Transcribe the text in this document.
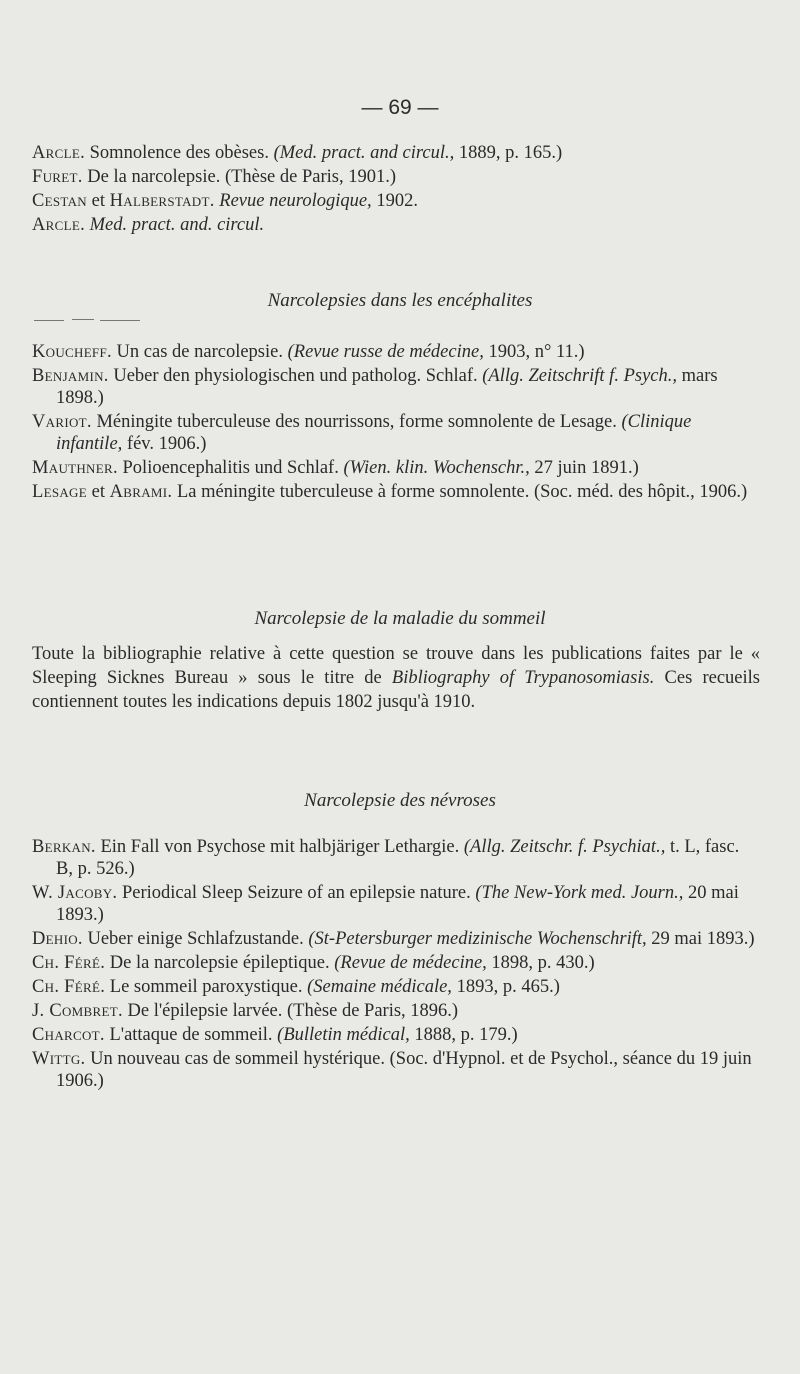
— 69 —

Arcle. Somnolence des obèses. (Med. pract. and circul., 1889, p. 165.)

Furet. De la narcolepsie. (Thèse de Paris, 1901.)

Cestan et Halberstadt. Revue neurologique, 1902.

Arcle. Med. pract. and. circul.

Narcolepsies dans les encéphalites

Koucheff. Un cas de narcolepsie. (Revue russe de médecine, 1903, n° 11.)

Benjamin. Ueber den physiologischen und patholog. Schlaf. (Allg. Zeitschrift f. Psych., mars 1898.)

Variot. Méningite tuberculeuse des nourrissons, forme somnolente de Lesage. (Clinique infantile, fév. 1906.)

Mauthner. Polioencephalitis und Schlaf. (Wien. klin. Wochenschr., 27 juin 1891.)

Lesage et Abrami. La méningite tuberculeuse à forme somnolente. (Soc. méd. des hôpit., 1906.)

Narcolepsie de la maladie du sommeil

Toute la bibliographie relative à cette question se trouve dans les publications faites par le « Sleeping Sicknes Bureau » sous le titre de Bibliography of Trypanosomiasis. Ces recueils contiennent toutes les indications depuis 1802 jusqu'à 1910.

Narcolepsie des névroses

Berkan. Ein Fall von Psychose mit halbjäriger Lethargie. (Allg. Zeitschr. f. Psychiat., t. L, fasc. B, p. 526.)

W. Jacoby. Periodical Sleep Seizure of an epilepsie nature. (The New-York med. Journ., 20 mai 1893.)

Dehio. Ueber einige Schlafzustande. (St-Petersburger medizinische Wochenschrift, 29 mai 1893.)

Ch. Féré. De la narcolepsie épileptique. (Revue de médecine, 1898, p. 430.)

Ch. Féré. Le sommeil paroxystique. (Semaine médicale, 1893, p. 465.)

J. Combret. De l'épilepsie larvée. (Thèse de Paris, 1896.)

Charcot. L'attaque de sommeil. (Bulletin médical, 1888, p. 179.)

Wittg. Un nouveau cas de sommeil hystérique. (Soc. d'Hypnol. et de Psychol., séance du 19 juin 1906.)
